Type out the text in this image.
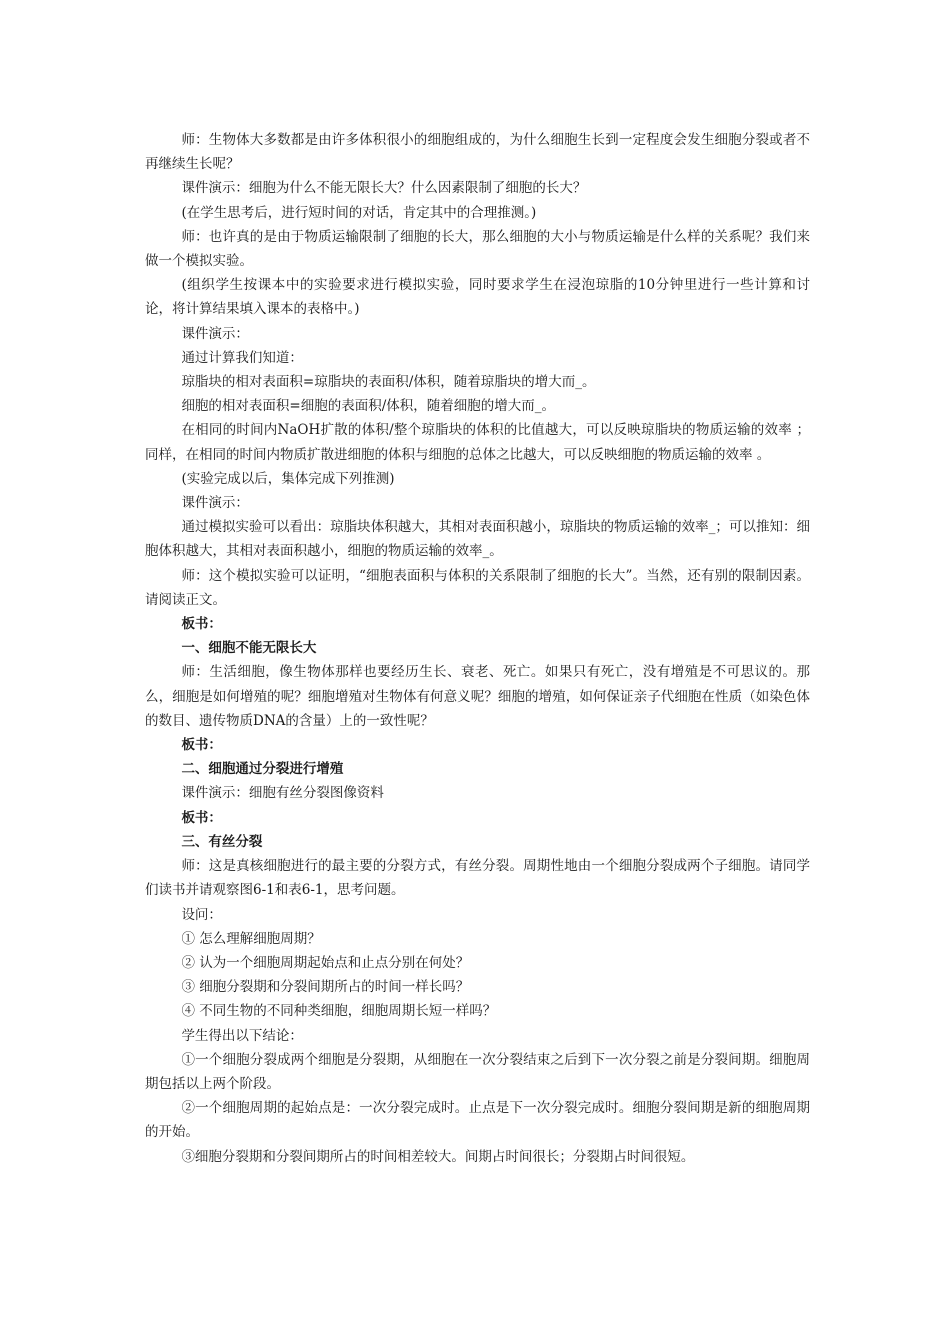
师：生物体大多数都是由许多体积很小的细胞组成的，为什么细胞生长到一定程度会发生细胞分裂或者不再继续生长呢？

课件演示：细胞为什么不能无限长大？什么因素限制了细胞的长大？

(在学生思考后，进行短时间的对话，肯定其中的合理推测。)

师：也许真的是由于物质运输限制了细胞的长大，那么细胞的大小与物质运输是什么样的关系呢？我们来做一个模拟实验。

(组织学生按课本中的实验要求进行模拟实验，同时要求学生在浸泡琼脂的10分钟里进行一些计算和讨论，将计算结果填入课本的表格中。)

课件演示：

通过计算我们知道：

琼脂块的相对表面积=琼脂块的表面积/体积，随着琼脂块的增大而_。

细胞的相对表面积=细胞的表面积/体积，随着细胞的增大而_。

在相同的时间内NaOH扩散的体积/整个琼脂块的体积的比值越大，可以反映琼脂块的物质运输的效率 ；同样，在相同的时间内物质扩散进细胞的体积与细胞的总体之比越大，可以反映细胞的物质运输的效率 。

(实验完成以后，集体完成下列推测)

课件演示：

通过模拟实验可以看出：琼脂块体积越大，其相对表面积越小，琼脂块的物质运输的效率_；可以推知：细胞体积越大，其相对表面积越小，细胞的物质运输的效率_。

师：这个模拟实验可以证明，“细胞表面积与体积的关系限制了细胞的长大”。当然，还有别的限制因素。请阅读正文。

板书：

一、细胞不能无限长大

师：生活细胞，像生物体那样也要经历生长、衰老、死亡。如果只有死亡，没有增殖是不可思议的。那么，细胞是如何增殖的呢？细胞增殖对生物体有何意义呢？细胞的增殖，如何保证亲子代细胞在性质（如染色体的数目、遗传物质DNA的含量）上的一致性呢？

板书：

二、细胞通过分裂进行增殖

课件演示：细胞有丝分裂图像资料

板书：

三、有丝分裂

师：这是真核细胞进行的最主要的分裂方式，有丝分裂。周期性地由一个细胞分裂成两个子细胞。请同学们读书并请观察图6-1和表6-1，思考问题。

设问：

① 怎么理解细胞周期？

② 认为一个细胞周期起始点和止点分别在何处？

③ 细胞分裂期和分裂间期所占的时间一样长吗？

④ 不同生物的不同种类细胞，细胞周期长短一样吗？

学生得出以下结论：

①一个细胞分裂成两个细胞是分裂期，从细胞在一次分裂结束之后到下一次分裂之前是分裂间期。细胞周期包括以上两个阶段。

②一个细胞周期的起始点是：一次分裂完成时。止点是下一次分裂完成时。细胞分裂间期是新的细胞周期的开始。

③细胞分裂期和分裂间期所占的时间相差较大。间期占时间很长；分裂期占时间很短。
